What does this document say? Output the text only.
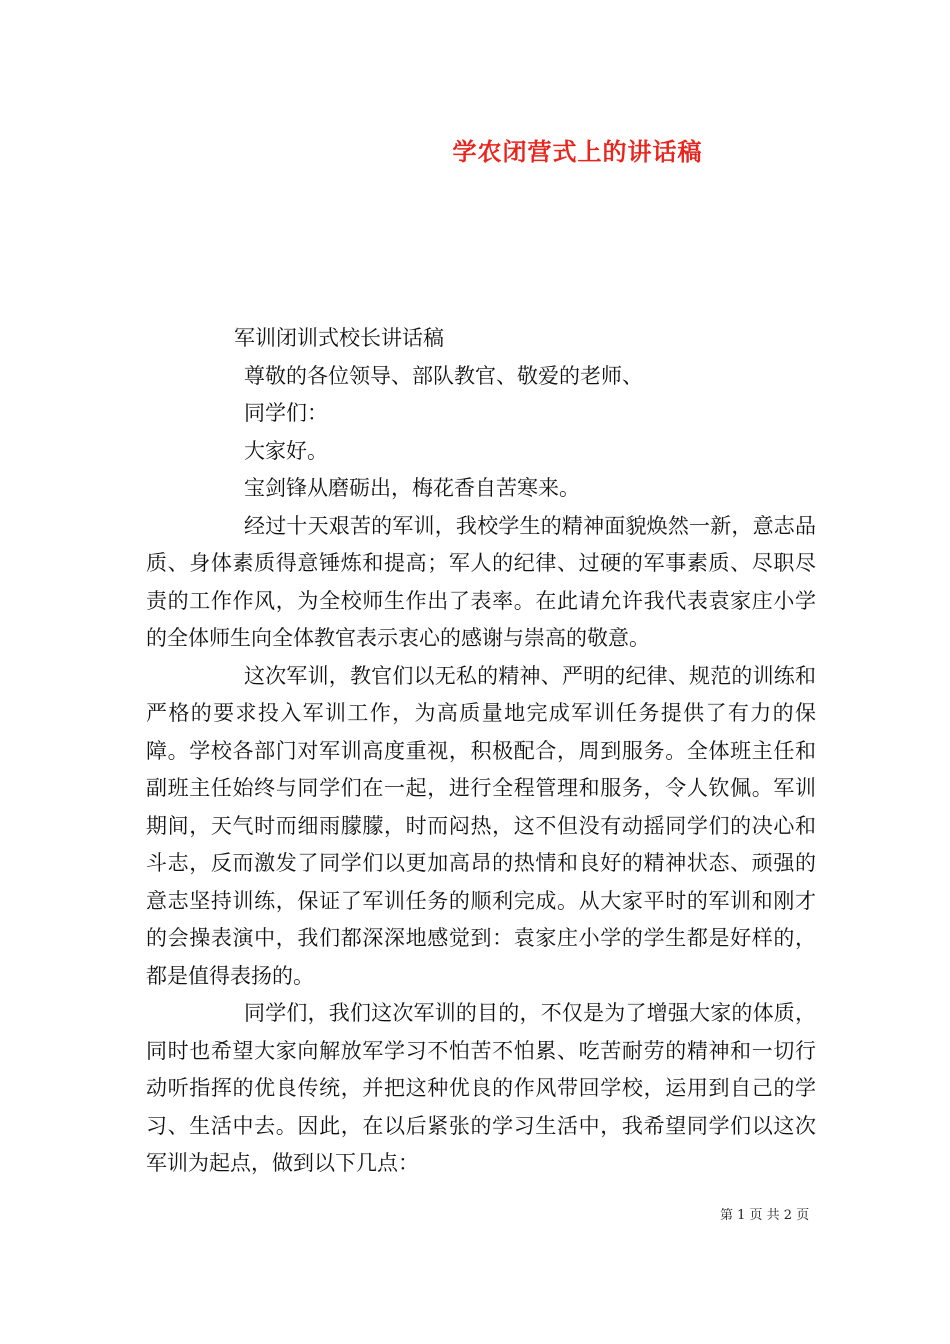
学农闭营式上的讲话稿

军训闭训式校长讲话稿

尊敬的各位领导、部队教官、敬爱的老师、

同学们：

大家好。

宝剑锋从磨砺出，梅花香自苦寒来。

经过十天艰苦的军训，我校学生的精神面貌焕然一新，意志品质、身体素质得意锤炼和提高；军人的纪律、过硬的军事素质、尽职尽责的工作作风，为全校师生作出了表率。在此请允许我代表袁家庄小学的全体师生向全体教官表示衷心的感谢与崇高的敬意。

这次军训，教官们以无私的精神、严明的纪律、规范的训练和严格的要求投入军训工作，为高质量地完成军训任务提供了有力的保障。学校各部门对军训高度重视，积极配合，周到服务。全体班主任和副班主任始终与同学们在一起，进行全程管理和服务，令人钦佩。军训期间，天气时而细雨朦朦，时而闷热，这不但没有动摇同学们的决心和斗志，反而激发了同学们以更加高昂的热情和良好的精神状态、顽强的意志坚持训练，保证了军训任务的顺利完成。从大家平时的军训和刚才的会操表演中，我们都深深地感觉到：袁家庄小学的学生都是好样的，都是值得表扬的。

同学们，我们这次军训的目的，不仅是为了增强大家的体质，同时也希望大家向解放军学习不怕苦不怕累、吃苦耐劳的精神和一切行动听指挥的优良传统，并把这种优良的作风带回学校，运用到自己的学习、生活中去。因此，在以后紧张的学习生活中，我希望同学们以这次军训为起点，做到以下几点：

第 1 页 共 2 页
